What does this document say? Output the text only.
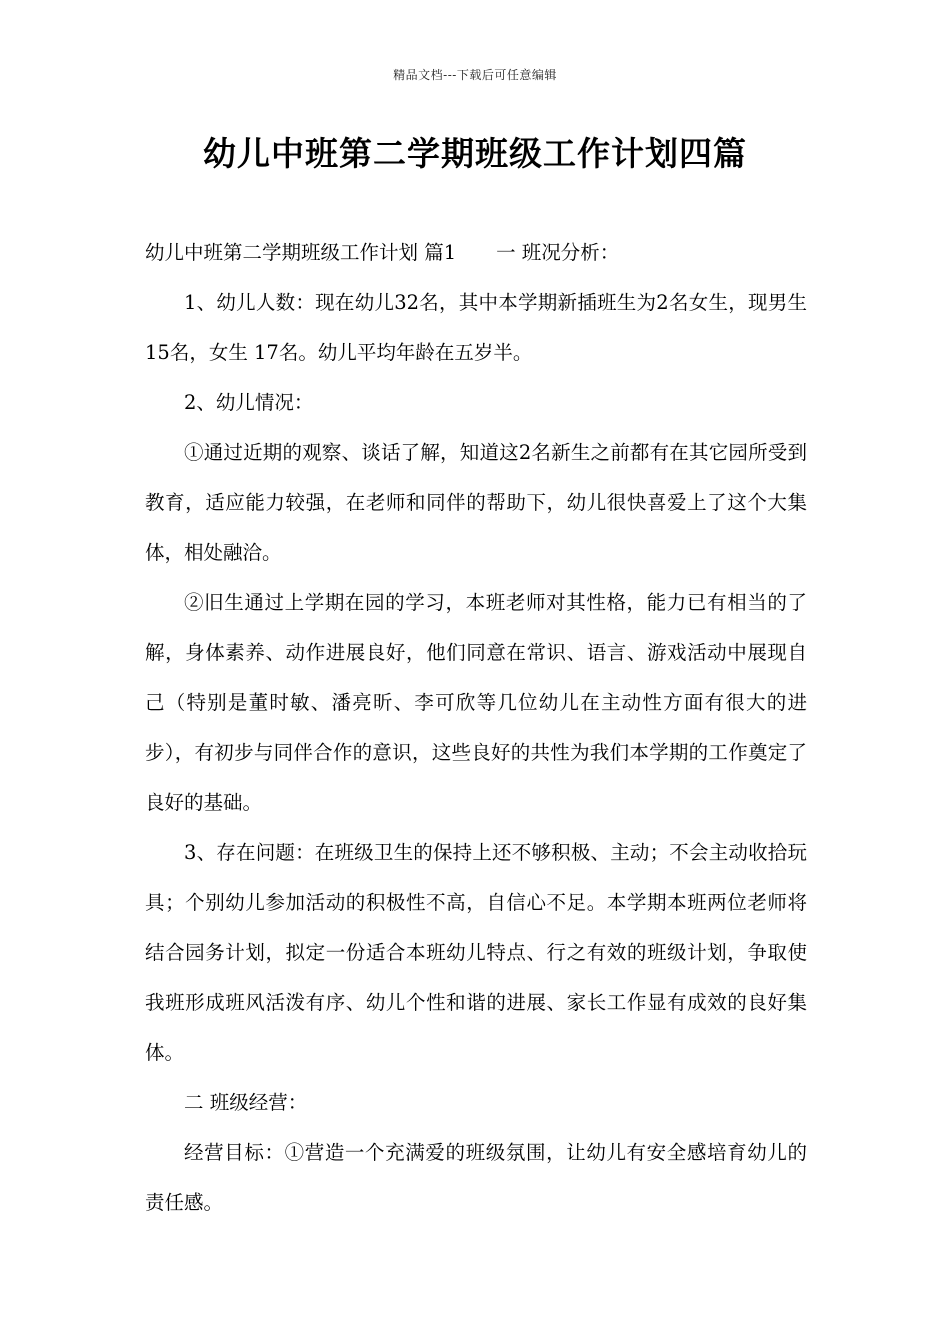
精品文档---下载后可任意编辑
幼儿中班第二学期班级工作计划四篇

幼儿中班第二学期班级工作计划 篇1 一 班况分析：

1、幼儿人数：现在幼儿32名，其中本学期新插班生为2名女生，现男生15名，女生 17名。幼儿平均年龄在五岁半。

2、幼儿情况：

①通过近期的观察、谈话了解，知道这2名新生之前都有在其它园所受到教育，适应能力较强，在老师和同伴的帮助下，幼儿很快喜爱上了这个大集体，相处融洽。

②旧生通过上学期在园的学习，本班老师对其性格，能力已有相当的了解，身体素养、动作进展良好，他们同意在常识、语言、游戏活动中展现自己（特别是董时敏、潘亮昕、李可欣等几位幼儿在主动性方面有很大的进步），有初步与同伴合作的意识，这些良好的共性为我们本学期的工作奠定了良好的基础。

3、存在问题：在班级卫生的保持上还不够积极、主动；不会主动收拾玩具；个别幼儿参加活动的积极性不高，自信心不足。本学期本班两位老师将结合园务计划，拟定一份适合本班幼儿特点、行之有效的班级计划，争取使我班形成班风活泼有序、幼儿个性和谐的进展、家长工作显有成效的良好集体。

二 班级经营：

经营目标：①营造一个充满爱的班级氛围，让幼儿有安全感培育幼儿的责任感。
